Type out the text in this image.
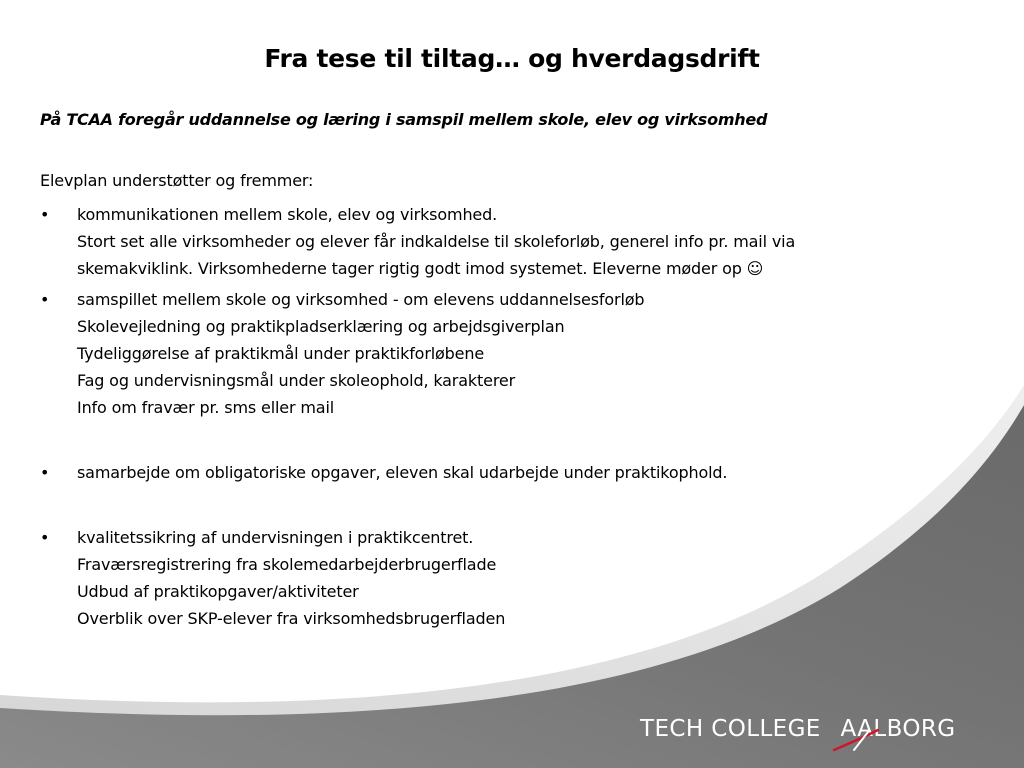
Fra tese til tiltag… og hverdagsdrift
På TCAA foregår uddannelse og læring i samspil mellem skole, elev og virksomhed
Elevplan understøtter og fremmer:
• kommunikationen mellem skole, elev og virksomhed.
Stort set alle virksomheder og elever får indkaldelse til skoleforløb, generel info pr. mail via
skemakviklink. Virksomhederne tager rigtig godt imod systemet. Eleverne møder op ☺
• samspillet mellem skole og virksomhed - om elevens uddannelsesforløb
Skolevejledning og praktikpladserklæring og arbejdsgiverplan
Tydeliggørelse af praktikmål under praktikforløbene
Fag og undervisningsmål under skoleophold, karakterer
Info om fravær pr. sms eller mail
• samarbejde om obligatoriske opgaver, eleven skal udarbejde under praktikophold.
• kvalitetssikring af undervisningen i praktikcentret.
Fraværsregistrering fra skolemedarbejderbrugerflade
Udbud af praktikopgaver/aktiviteter
Overblik over SKP-elever fra virksomhedsbrugerfladen
TECH COLLEGE AALBORG
